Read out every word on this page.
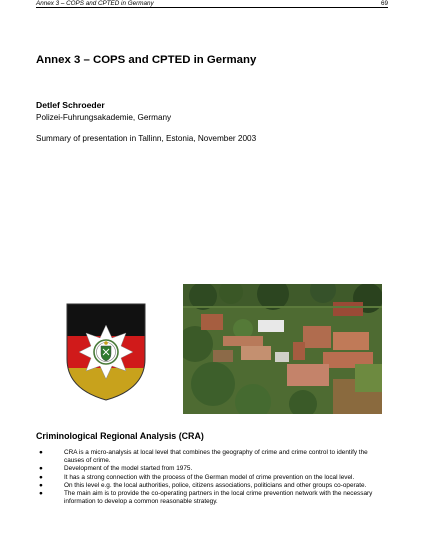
Annex 3 – COPS and CPTED in Germany	69
Annex 3 – COPS and CPTED in Germany
Detlef Schroeder
Polizei-Fuhrungsakademie, Germany
Summary of presentation in Tallinn, Estonia, November 2003
Criminological Regional Analysis (CRA)
●	CRA is a micro-analysis at local level that combines the geography of crime and crime control to identify the causes of crime.
●	Development of the model started from 1975.
●	It has a strong connection with the process of the German model of crime prevention on the local level.
●	On this level e.g. the local authorities, police, citizens associations, politicians and other groups co-operate.
●	The main aim is to provide the co-operating partners in the local crime prevention network with the necessary information to develop a common reasonable strategy.
